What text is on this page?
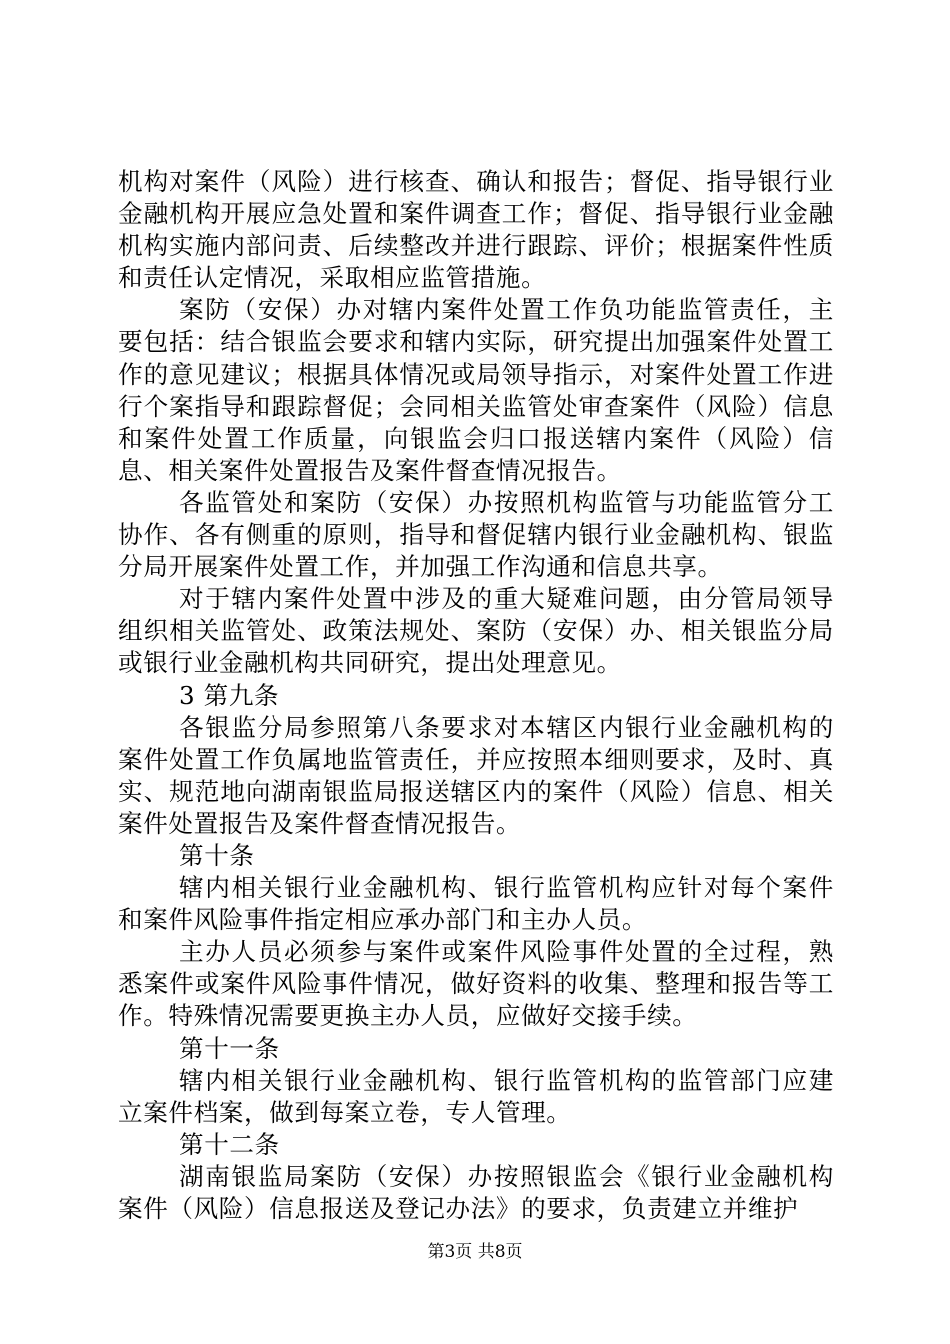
机构对案件（风险）进行核查、确认和报告；督促、指导银行业金融机构开展应急处置和案件调查工作；督促、指导银行业金融机构实施内部问责、后续整改并进行跟踪、评价；根据案件性质和责任认定情况，采取相应监管措施。

案防（安保）办对辖内案件处置工作负功能监管责任，主要包括：结合银监会要求和辖内实际，研究提出加强案件处置工作的意见建议；根据具体情况或局领导指示，对案件处置工作进行个案指导和跟踪督促；会同相关监管处审查案件（风险）信息和案件处置工作质量，向银监会归口报送辖内案件（风险）信息、相关案件处置报告及案件督查情况报告。

各监管处和案防（安保）办按照机构监管与功能监管分工协作、各有侧重的原则，指导和督促辖内银行业金融机构、银监分局开展案件处置工作，并加强工作沟通和信息共享。

对于辖内案件处置中涉及的重大疑难问题，由分管局领导组织相关监管处、政策法规处、案防（安保）办、相关银监分局或银行业金融机构共同研究，提出处理意见。

3 第九条

各银监分局参照第八条要求对本辖区内银行业金融机构的案件处置工作负属地监管责任，并应按照本细则要求，及时、真实、规范地向湖南银监局报送辖区内的案件（风险）信息、相关案件处置报告及案件督查情况报告。

第十条

辖内相关银行业金融机构、银行监管机构应针对每个案件和案件风险事件指定相应承办部门和主办人员。

主办人员必须参与案件或案件风险事件处置的全过程，熟悉案件或案件风险事件情况，做好资料的收集、整理和报告等工作。特殊情况需要更换主办人员，应做好交接手续。

第十一条

辖内相关银行业金融机构、银行监管机构的监管部门应建立案件档案，做到每案立卷，专人管理。

第十二条

湖南银监局案防（安保）办按照银监会《银行业金融机构案件（风险）信息报送及登记办法》的要求，负责建立并维护

第3页 共8页
